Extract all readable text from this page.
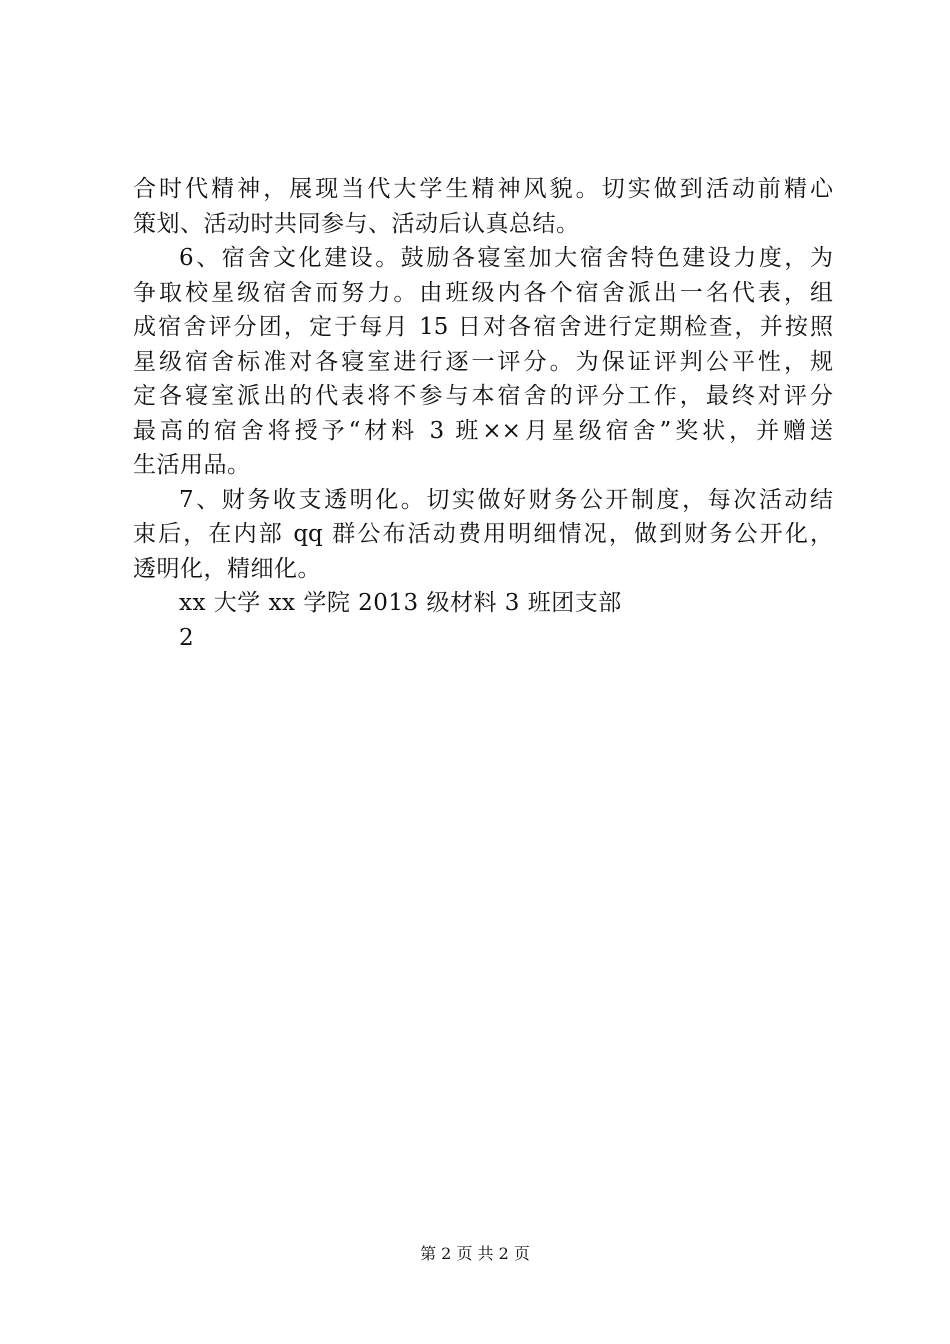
合时代精神，展现当代大学生精神风貌。切实做到活动前精心
策划、活动时共同参与、活动后认真总结。
6、宿舍文化建设。鼓励各寝室加大宿舍特色建设力度，为
争取校星级宿舍而努力。由班级内各个宿舍派出一名代表，组
成宿舍评分团，定于每月 15 日对各宿舍进行定期检查，并按照
星级宿舍标准对各寝室进行逐一评分。为保证评判公平性，规
定各寝室派出的代表将不参与本宿舍的评分工作，最终对评分
最高的宿舍将授予“材料 3 班××月星级宿舍”奖状，并赠送
生活用品。
7、财务收支透明化。切实做好财务公开制度，每次活动结
束后，在内部 qq 群公布活动费用明细情况，做到财务公开化，
透明化，精细化。
xx 大学 xx 学院 2013 级材料 3 班团支部
2
第 2 页 共 2 页
